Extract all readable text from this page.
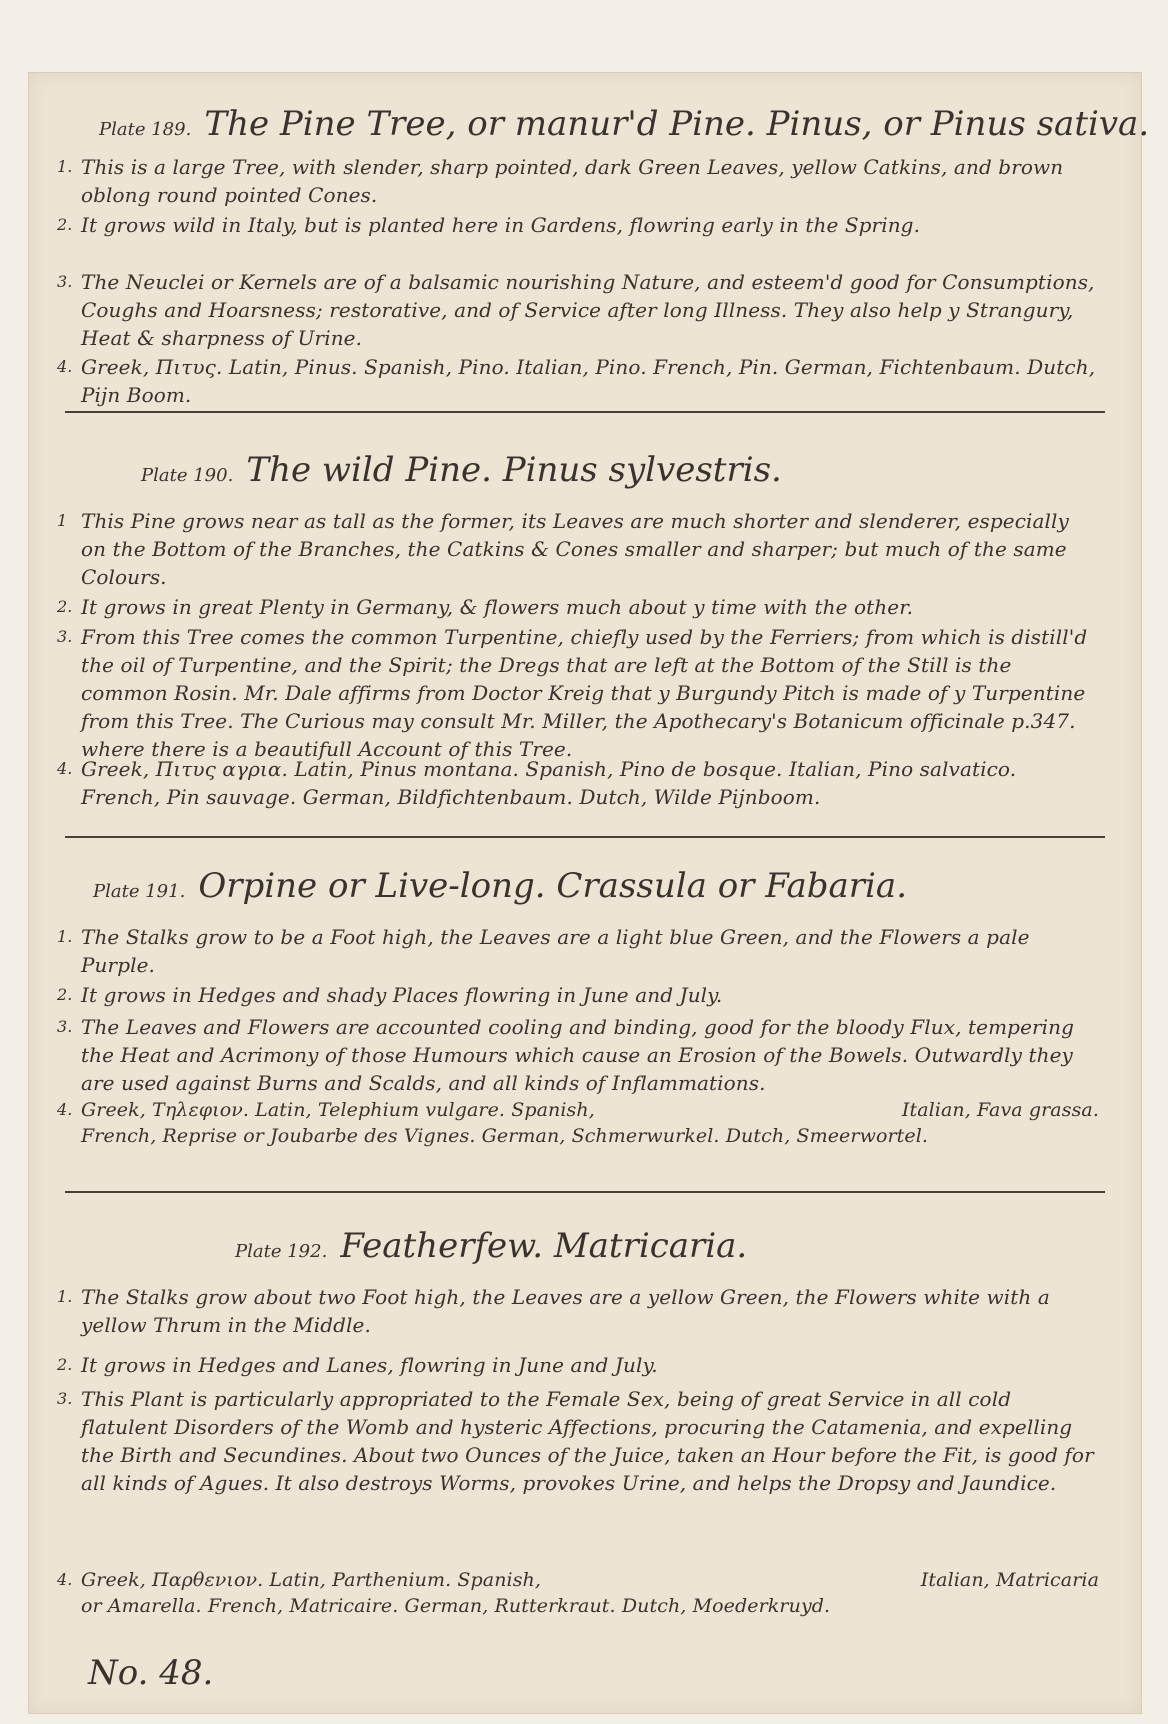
Plate 189. The Pine Tree, or manur'd Pine. Pinus, or Pinus sativa.
1. This is a large Tree, with slender, sharp pointed, dark Green Leaves, yellow Catkins, and brown oblong round pointed Cones.
2. It grows wild in Italy, but is planted here in Gardens, flowring early in the Spring.
3. The Neuclei or Kernels are of a balsamic nourishing Nature, and esteem'd good for Consumptions, Coughs and Hoarsness; restorative, and of Service after long Illness. They also help y Strangury, Heat & sharpness of Urine.
4. Greek, Πιτυς. Latin, Pinus. Spanish, Pino. Italian, Pino. French, Pin. German, Fichtenbaum. Dutch, Pijn Boom.
Plate 190. The wild Pine. Pinus sylvestris.
1 This Pine grows near as tall as the former, its Leaves are much shorter and slenderer, especially on the Bottom of the Branches, the Catkins & Cones smaller and sharper; but much of the same Colours.
2. It grows in great Plenty in Germany, & flowers much about y time with the other.
3. From this Tree comes the common Turpentine, chiefly used by the Ferriers; from which is distill'd the oil of Turpentine, and the Spirit; the Dregs that are left at the Bottom of the Still is the common Rosin. Mr. Dale affirms from Doctor Kreig that y Burgundy Pitch is made of y Turpentine from this Tree. The Curious may consult Mr. Miller, the Apothecary's Botanicum officinale p.347. where there is a beautifull Account of this Tree.
4. Greek, Πιτυς αγρια. Latin, Pinus montana. Spanish, Pino de bosque. Italian, Pino salvatico. French, Pin sauvage. German, Bildfichtenbaum. Dutch, Wilde Pijnboom.
Plate 191. Orpine or Live-long. Crassula or Fabaria.
1. The Stalks grow to be a Foot high, the Leaves are a light blue Green, and the Flowers a pale Purple.
2. It grows in Hedges and shady Places flowring in June and July.
3. The Leaves and Flowers are accounted cooling and binding, good for the bloody Flux, tempering the Heat and Acrimony of those Humours which cause an Erosion of the Bowels. Outwardly they are used against Burns and Scalds, and all kinds of Inflammations.
4. Greek, Τηλεφιον. Latin, Telephium vulgare. Spanish,	Italian, Fava grassa.
French, Reprise or Joubarbe des Vignes. German, Schmerwurkel. Dutch, Smeerwortel.
Plate 192. Featherfew. Matricaria.
1. The Stalks grow about two Foot high, the Leaves are a yellow Green, the Flowers white with a yellow Thrum in the Middle.
2. It grows in Hedges and Lanes, flowring in June and July.
3. This Plant is particularly appropriated to the Female Sex, being of great Service in all cold flatulent Disorders of the Womb and hysteric Affections, procuring the Catamenia, and expelling the Birth and Secundines. About two Ounces of the Juice, taken an Hour before the Fit, is good for all kinds of Agues. It also destroys Worms, provokes Urine, and helps the Dropsy and Jaundice.
4. Greek, Παρθενιον. Latin, Parthenium. Spanish,	Italian, Matricaria
or Amarella. French, Matricaire. German, Rutterkraut. Dutch, Moederkruyd.
No. 48.
